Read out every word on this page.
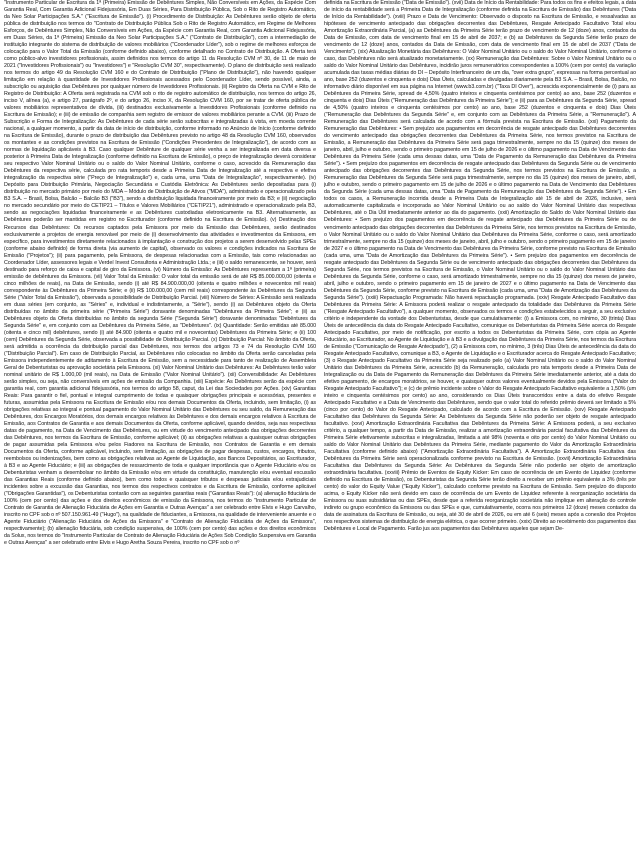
"Instrumento Particular de Escritura da 1ª (Primeira) Emissão de Debêntures Simples, Não Conversíveis em Ações, da Espécie Com Garantia Real, Com Garantia Adicional Fidejussória, Em Duas Séries, Para Distribuição Pública, Sob o Rito de Registro Automático, da Neo Solar Participações S.A." ("Escritura de Emissão"). (i) Procedimento de Distribuição: As Debêntures serão objeto de oferta pública de distribuição nos termos do "Contrato de Distribuição Pública Sob o Rito de Registro Automático, em Regime de Melhores Esforços, de Debêntures Simples, Não Conversíveis em Ações, da Espécie com Garantia Real, com Garantia Adicional Fidejussória, em Duas Séries, da 1ª (Primeira) Emissão da Neo Solar Participações S.A." ("Contrato de Distribuição"), com a intermediação de instituição integrante do sistema de distribuição de valores mobiliários ("Coordenador Líder"), sob o regime de melhores esforços de colocação para o Valor Total da Emissão (conforme definido abaixo), conforme detalhado no Contrato de Distribuição. A Oferta terá como público-alvo investidores profissionais, assim definidos nos termos do artigo 11 da Resolução CVM nº 30, de 11 de maio de 2021 ("Investidores Profissionais") ou "Investidores") e "Resolução CVM 30", respectivamente). O plano de distribuição será realizado nos termos do artigo 49 da Resolução CVM 160 e do Contrato de Distribuição ("Plano de Distribuição"), não havendo qualquer limitação em relação à quantidade de Investidores Profissionais acessados pelo Coordenador Líder, sendo possível, ainda, a subscrição ou aquisição das Debêntures por qualquer número de Investidores Profissionais. (ii) Registro da Oferta na CVM e Rito de Registro de Distribuição: A Oferta será registrada na CVM sob o rito de registro automático de distribuição, nos termos do artigo 26, inciso V, alínea (a), e artigo 27, parágrafo 2º, e do artigo 26, inciso X, da Resolução CVM 160, por se tratar de oferta pública de valores mobiliários representativos de dívida, (iii) destinados exclusivamente a Investidores Profissionais (conforme definido na Escritura de Emissão); e (iii) de emissão de companhia sem registro de emissor de valores mobiliários perante a CVM. (iii) Prazo de Subscrição e Forma de Integralização: As Debêntures de cada série serão subscritas e integralizadas à vista, em moeda corrente nacional, a qualquer momento, a partir da data de início de distribuição, conforme informado no Anúncio de Início (conforme definido na Escritura de Emissão), durante o prazo de distribuição das Debêntures previsto no artigo 48 da Resolução CVM 160, observados os montantes e as condições previstos na Escritura de Emissão ("Condições Precedentes de Integralização"), de acordo com as normas de liquidação aplicáveis à B3. Caso qualquer Debênture de qualquer série venha a ser integralizada em data diversa e posterior à Primeira Data de Integralização (conforme definido na Escritura de Emissão), o preço de integralização deverá considerar seu respectivo Valor Nominal Unitário ou o saldo do Valor Nominal Unitário, conforme o caso, acrescido da Remuneração das Debêntures da respectiva série, calculada pro rata temporis desde a Primeira Data de Integralização até a respectiva e efetiva integralização da respectiva série ("Preço de Integralização") e, cada uma, uma "Data de Integralização", respectivamente). (iv) Depósito para Distribuição Primária, Negociação Secundária e Custódia Eletrônica: As Debêntures serão depositadas para (i) distribuição no mercado primário por meio do MDA – Módulo de Distribuição de Ativos ("MDA"), administrado e operacionalizado pela B3 S.A. – Brasil, Bolsa, Balcão – Balcão B3 ("B3"), sendo a distribuição liquidada financeiramente por meio da B3; e (ii) negociação no mercado secundário por meio do CETIP21 – Títulos e Valores Mobiliários ("CETIP21"), administrado e operacionalizado pela B3, sendo as negociações liquidadas financeiramente e as Debêntures custodiadas eletronicamente na B3. Alternativamente, as Debêntures poderão ser mantidas em registro no Escriturador (conforme definido na Escritura de Emissão). (v) Destinação dos Recursos das Debêntures: Os recursos captados pela Emissora por meio da Emissão das Debêntures, serão destinados exclusivamente a projetos de energia renovável por meio de (i) desenvolvimento das atividades e investimentos da Emissora, em específico, para investimentos diretamente relacionados à implantação e construção dos projetos a serem desenvolvido pelas SPEs (conforme abaixo definido) de forma direta (via aumento de capital), observado os valores e condições indicados na Escritura de Emissão ("Projetos"); (ii) para pagamento, pela Emissora, de despesas relacionadas com a Emissão, tais como relacionadas ao Coordenador Líder, assessores legais e Verdeí Invest Consultoria e Administração Ltda.; e (iii) o saldo remanescente, se houver, será destinado para reforço de caixa e capital de giro da Emissora. (vi) Número da Emissão: As Debêntures representam a 1ª (primeira) emissão de debêntures da Emissora. (vii) Valor Total da Emissão: O valor total da emissão será de até R$ 85.000.000,00 (oitenta e cinco milhões de reais), na Data de Emissão, sendo (i) até R$ 84.900.000,00 (oitenta e quatro milhões e novecentos mil reais) correspondente às Debêntures da Primeira Série; e (ii) R$ 100.000,00 (cem mil reais) correspondente às Debêntures da Segunda Série ("Valor Total da Emissão"), observada a possibilidade de Distribuição Parcial. (viii) Número de Séries: A Emissão será realizada em duas séries (em conjunto, as "Séries" e, individual e indistintamente, a "Série"), sendo (i) as Debêntures objeto da Oferta distribuídas no âmbito da primeira série ("Primeira Série") doravante denominadas "Debêntures da Primeira Série"; e (ii) as Debêntures objeto da Oferta distribuídas no âmbito da segunda Série ("Segunda Série") doravante denominadas "Debêntures da Segunda Série" e, em conjunto com as Debêntures da Primeira Série, as "Debêntures". (ix) Quantidade: Serão emitidas até 85.000 (oitenta e cinco mil) debêntures, sendo (i) até 84.900 (oitenta e quatro mil e novecentas) Debêntures da Primeira Série; e (ii) 100 (cem) Debêntures da Segunda Série, observada a possibilidade de Distribuição Parcial. (x) Distribuição Parcial: No âmbito da Oferta, será admitida a ocorrência da distribuição parcial das Debêntures, nos termos dos artigos 73 e 74 da Resolução CVM 160 ("Distribuição Parcial"). Em caso de Distribuição Parcial, as Debêntures não colocadas no âmbito da Oferta serão canceladas pela Emissora independentemente de aditamento à Escritura de Emissão, sem a necessidade para tanto de realização de Assembleia Geral de Debenturistas ou aprovação societária pela Emissora. (xi) Valor Nominal Unitário das Debêntures: As Debêntures terão valor nominal unitário de R$ 1.000,00 (mil reais), na Data de Emissão ("Valor Nominal Unitário"). (xii) Conversibilidade: As Debêntures serão simples, ou seja, não conversíveis em ações de emissão da Companhia. (xiii) Espécie: As Debêntures serão da espécie com garantia real, com garantia adicional fidejussória, nos termos do artigo 58, caput, da Lei das Sociedades por Ações. (xiv) Garantias Reais: Para garantir o fiel, pontual e integral cumprimento de todas e quaisquer obrigações principais e acessórias, presentes e futuras, assumidas pela Emissora na Escritura de Emissão e/ou nos demais Documentos da Oferta, incluindo, sem limitação, (i) as obrigações relativas ao integral e pontual pagamento do Valor Nominal Unitário das Debêntures ou seu saldo, da Remuneração das Debêntures, dos Encargos Moratórios, dos demais encargos relativos às Debêntures e dos demais encargos relativos à Escritura de Emissão, aos Contratos de Garantia e aos demais Documentos da Oferta, conforme aplicável, quando devidos, seja nas respectivas datas de pagamento, na Data de Vencimento das Debêntures, ou em virtude do vencimento antecipado das obrigações decorrentes das Debêntures, nos termos da Escritura de Emissão, conforme aplicável; (ii) as obrigações relativas a quaisquer outras obrigações de pagar assumidas pela Emissora e/ou pelos Fiadores na Escritura de Emissão, nos Contratos de Garantia e em demais Documentos da Oferta, conforme aplicável, incluindo, sem limitação, as obrigações de pagar despesas, custos, encargos, tributos, reembolsos ou indenizações, bem como as obrigações relativas ao Agente de Liquidação, aos Bancos Depositários, ao Escriturador, à B3 e ao Agente Fiduciário; e (iii) as obrigações de ressarcimento de toda e qualquer importância que o Agente Fiduciário e/ou os Debenturistas venham a desembolsar no âmbito da Emissão e/ou em virtude da constituição, manutenção e/ou eventual excussão das Garantias Reais (conforme definido abaixo), bem como todos e quaisquer tributos e despesas judiciais e/ou extrajudiciais incidentes sobre a excussão das Garantias, nos termos dos respectivos contratos e da Escritura de Emissão, conforme aplicável ("Obrigações Garantidas"), os Debenturistas contarão com as seguintes garantias reais ("Garantias Reais"): (a) alienação fiduciária de 100% (cem por cento) das ações e dos direitos econômicos de emissão da Emissora, nos termos do "Instrumento Particular de Contrato de Garantia de Alienação Fiduciária de Ações em Garantia e Outras Avenças" a ser celebrado entre Elvis e Hugo Carvalho, inscrito no CPF sob o nº 507.150.961-49 ("Hugo"), na qualidade de fiduciantes, a Emissora, na qualidade de interveniente anuente e o Agente Fiduciário ("Alienação Fiduciária de Ações da Emissora" e "Contrato de Alienação Fiduciária de Ações da Emissora", respectivamente); (b) alienação fiduciária, sob condição suspensiva, de 100% (cem por cento) das ações e dos direitos econômicos da Solux, nos termos do "Instrumento Particular de Contrato de Alienação Fiduciária de Ações Sob Condição Suspensiva em Garantia e Outras Avenças" a ser celebrado entre Elvis e Hugo Aretha Souza Pereira, inscrito no CPF sob o nº

definida na Escritura de Emissão ("Data de Emissão"). (xvii) Data de Início da Rentabilidade: Para todos os fins e efeitos legais, a data de início da rentabilidade será a Primeira Data de Integralização (conforme definida na Escritura de Emissão) das Debêntures ("Data de Início da Rentabilidade"). (xviii) Prazo e Data de Vencimento: Observado o disposto na Escritura de Emissão, e ressalvadas as hipóteses de vencimento antecipado das obrigações decorrentes das Debêntures, Resgate Antecipado Facultativo Total e/ou Amortização Extraordinária Parcial, (a) as Debêntures da Primeira Série terão prazo de vencimento de 12 (doze) anos, contados da Data de Emissão, com data de vencimento final em 15 de abril de 2037; e (b) as Debêntures da Segunda Série terão prazo de vencimento de 12 (doze) anos, contados da Data de Emissão, com data de vencimento final em 15 de abril de 2037 ("Data de Vencimento"). (xix) Atualização Monetária das Debêntures: O Valor Nominal Unitário ou o saldo do Valor Nominal Unitário, conforme o caso, das Debêntures não será atualizado monetariamente. (xx) Remuneração das Debêntures: Sobre o Valor Nominal Unitário ou o saldo do Valor Nominal Unitário das Debêntures, incidirão juros remuneratórios correspondentes a 100% (cem por cento) da variação acumulada das taxas médias diárias do DI – Depósito Interfinanceiro de um dia, "over extra grupo", expressas na forma percentual ao ano, base 252 (duzentos e cinquenta e dois) Dias Úteis, calculadas e divulgadas diariamente pela B3 S.A. – Brasil, Bolsa, Balcão, no informativo diário disponível em sua página na Internet (www.b3.com.br) ("Taxa DI Over"), acrescida exponencialmente de (i) para as Debêntures da Primeira Série, spread de 4,50% (quatro inteiros e cinquenta centésimos por cento) ao ano, base 252 (duzentos e cinquenta e dois) Dias Úteis ("Remuneração das Debêntures da Primeira Série"); e (ii) para as Debêntures da Segunda Série, spread de 4,50% (quatro inteiros e cinquenta centésimos por cento) ao ano, base 252 (duzentos e cinquenta e dois) Dias Úteis ("Remuneração das Debêntures da Segunda Série" e, em conjunto com as Debêntures da Primeira Série, a "Remuneração"). A Remuneração das Debêntures será calculada de acordo com a fórmula prevista na Escritura de Emissão. (xxi) Pagamento da Remuneração das Debêntures: • Sem prejuízo aos pagamentos em decorrência de resgate antecipado das Debêntures decorrentes do vencimento antecipado das obrigações decorrentes das Debêntures da Primeira Série, nos termos previstos na Escritura de Emissão, a Remuneração das Debêntures da Primeira Série será paga trimestralmente, sempre no dia 15 (quinze) dos meses de janeiro, abril, julho e outubro, sendo o primeiro pagamento em 15 de julho de 2026 e o último pagamento na Data de Vencimento das Debêntures da Primeira Série (cada uma dessas datas, uma "Data de Pagamento da Remuneração das Debêntures da Primeira Série"). • Sem prejuízo dos pagamentos em decorrência de resgate antecipado das Debêntures da Segunda Série ou de vencimento antecipado das obrigações decorrentes das Debêntures da Segunda Série, nos termos previstos na Escritura de Emissão, a Remuneração das Debêntures da Segunda Série será paga trimestralmente, sempre no dia 15 (quinze) dos meses de janeiro, abril, julho e outubro, sendo o primeiro pagamento em 15 de julho de 2026 e o último pagamento na Data de Vencimento das Debêntures da Segunda Série (cada uma dessas datas, uma "Data de Pagamento da Remuneração das Debêntures da Segunda Série"). • Em todos os casos, a Remuneração incorrida desde a Primeira Data de Integralização até 15 de abril de 2026, inclusive, será automaticamente capitalizada e incorporada ao Valor Nominal Unitário ou ao saldo do Valor Nominal Unitário das respectivas Debêntures, até o Dia Útil imediatamente anterior ao dia do pagamento. (xxii) Amortização do Saldo do Valor Nominal Unitário das Debêntures: • Sem prejuízo dos pagamentos em decorrência de resgate antecipado das Debêntures da Primeira Série ou de vencimento antecipado das obrigações decorrentes das Debêntures da Primeira Série, nos termos previstos na Escritura de Emissão, o Valor Nominal Unitário ou o saldo do Valor Nominal Unitário das Debêntures da Primeira Série, conforme o caso, será amortizado trimestralmente, sempre no dia 15 (quinze) dos meses de janeiro, abril, julho e outubro, sendo o primeiro pagamento em 15 de janeiro de 2027 e o último pagamento na Data de Vencimento das Debêntures da Primeira Série, conforme previsto na Escritura de Emissão (cada uma, uma "Data de Amortização das Debêntures da Primeira Série"). • Sem prejuízo dos pagamentos em decorrência de resgate antecipado das Debêntures da Segunda Série ou de vencimento antecipado das obrigações decorrentes das Debêntures da Segunda Série, nos termos previstos na Escritura de Emissão, o Valor Nominal Unitário ou o saldo do Valor Nominal Unitário das Debêntures da Segunda Série, conforme o caso, será amortizado trimestralmente, sempre no dia 15 (quinze) dos meses de janeiro, abril, julho e outubro, sendo o primeiro pagamento em 15 de janeiro de 2027 e o último pagamento na Data de Vencimento das Debêntures da Segunda Série, conforme previsto na Escritura de Emissão (cada uma, uma "Data de Amortização das Debêntures da Segunda Série"). (xxiii) Repactuação Programada: Não haverá repactuação programada. (xxiv) Resgate Antecipado Facultativo das Debêntures da Primeira Série: A Emissora poderá realizar o resgate antecipado da totalidade das Debêntures da Primeira Série ("Resgate Antecipado Facultativo"), a qualquer momento, observados os termos e condições estabelecidos a seguir, a seu exclusivo critério e independente da vontade dos Debenturistas, desde que cumulativamente: (i) a Emissora com, no mínimo, 30 (trinta) Dias Úteis de antecedência da data do Resgate Antecipado Facultativo, comunique os Debenturistas da Primeira Série acerca do Resgate Antecipado Facultativo, por meio de notificação, por escrito a todos os Debenturistas da Primeira Série, com cópia ao Agente Fiduciário, ao Escriturador, ao Agente de Liquidação e à B3 e a divulgação das Debêntures da Primeira Série, nos termos da Escritura de Emissão ("Comunicação de Resgate Antecipado"), (2) a Emissora com, no mínimo, 3 (três) Dias Úteis de antecedência da data do Resgate Antecipado Facultativo, comunique a B3, o Agente de Liquidação e o Escriturador acerca do Resgate Antecipado Facultativo; (3) o Resgate Antecipado Facultativo da Primeira Série seja realizado pelo (a) Valor Nominal Unitário ou o saldo do Valor Nominal Unitário das Debêntures da Primeira Série, acrescido (b) da Remuneração, calculada pro rata temporis desde a Primeira Data de Integralização ou da Data de Pagamento da Remuneração das Debêntures da Primeira Série imediatamente anterior, até a data do efetivo pagamento, de encargos moratórios, se houver, e quaisquer outros valores eventualmente devidos pela Emissora ("Valor do Resgate Antecipado Facultativo"); e (c) de prêmio incidente sobre o Valor do Resgate Antecipado Facultativo equivalente a 1,50% (um inteiro e cinquenta centésimos por cento) ao ano, considerando os Dias Úteis transcorridos entre a data do efetivo Resgate Antecipado Facultativo e a Data de Vencimento das Debêntures, sendo que o valor total do referido prêmio deverá ser limitado a 5% (cinco por cento) do Valor do Resgate Antecipado, calculado de acordo com a Escritura de Emissão. (xxv) Resgate Antecipado Facultativo das Debêntures da Segunda Série: As Debêntures da Segunda Série não poderão ser objeto de resgate antecipado facultativo. (xxvi) Amortização Extraordinária Facultativa das Debêntures da Primeira Série: A Emissora poderá, a seu exclusivo critério, a qualquer tempo, a partir da Data de Emissão, realizar a amortização extraordinária parcial facultativa das Debêntures da Primeira Série efetivamente subscritas e integralizadas, limitada a até 98% (noventa e oito por cento) do Valor Nominal Unitário ou saldo do Valor Nominal Unitário das Debêntures da Primeira Série, mediante pagamento do Valor da Amortização Extraordinária Facultativa (conforme definido abaixo) ("Amortização Extraordinária Facultativa"). A Amortização Extraordinária Facultativa das Debêntures da Primeira Série será operacionalizada conforme previsto na Escritura de Emissão. (xxvii) Amortização Extraordinária Facultativa das Debêntures da Segunda Série: As Debêntures da Segunda Série não poderão ser objeto de amortização extraordinária facultativa. (xxviii) Prêmio de Eventos de Equity Kicker: Em caso de ocorrência de um Evento de Liquidez (conforme definido na Escritura de Emissão), os Debenturistas da Segunda Série terão direito a receber um prêmio equivalente a 3% (três por cento) do valor do Equity Value ("Equity Kicker"), calculado conforme previsto na Escritura de Emissão. Sem prejuízo do disposto acima, o Equity Kicker não será devido em caso de ocorrência de um Evento de Liquidez referente à reorganização societária da Emissora ou suas subsidiárias ou das SPEs, desde que a referida reorganização societária não implique em alteração do controle indireto ou grupo econômico da Emissora ou das SPEs e que, cumulativamente, ocorra nos primeiros 12 (doze) meses contados da data de assinatura da Escritura de Emissão, ou seja, até 30 de abril de 2026, ou em até 6 (seis) meses após a conexão dos Projetos nos respectivos sistemas de distribuição de energia elétrica, o que ocorrer primeiro. (xxix) Direito ao recebimento dos pagamentos das Debêntures e Local de Pagamento. Farão jus aos pagamentos das Debêntures aqueles que sejam De-
